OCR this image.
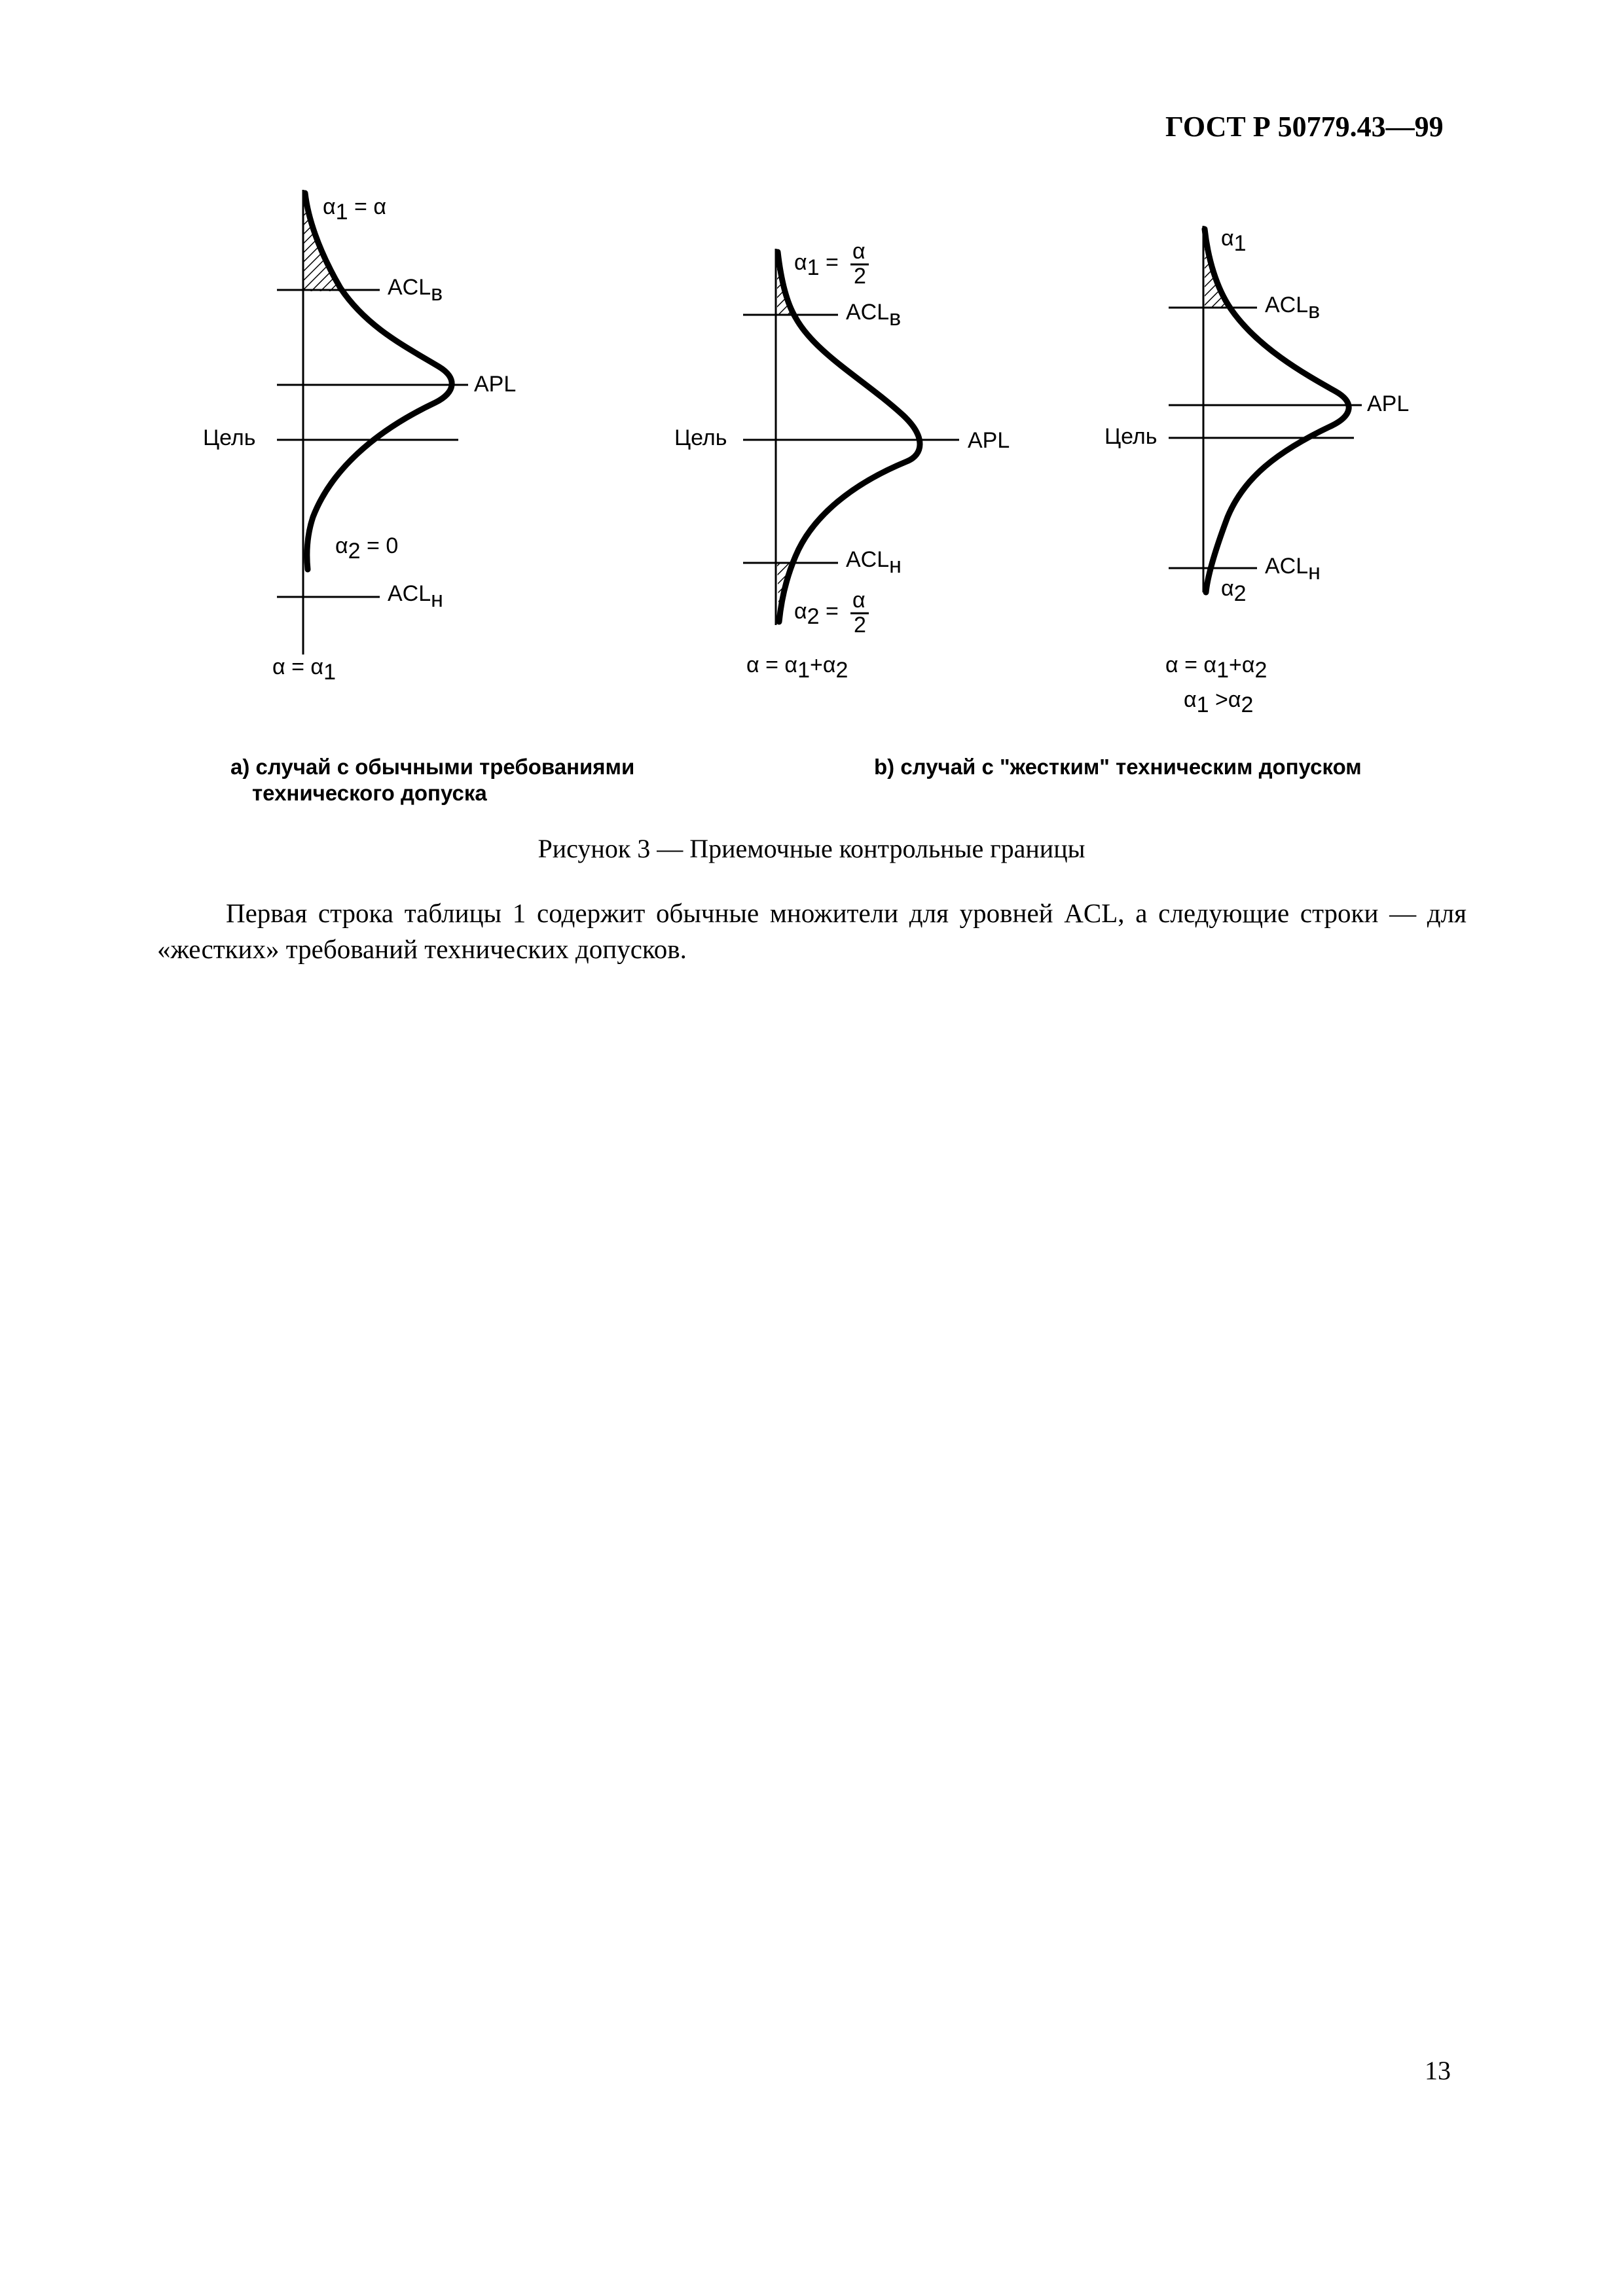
ГОСТ Р 50779.43—99
α1 = α
ACLв
APL
Цель
α2 = 0
ACLн
α = α1
α1 = α
2
ACLв
Цель	APL
ACLн
α2 = α
2
α = α1+α2
α1
ACLв
APL
Цель
ACLн
α2
α = α1+α2
α1 >α2
а) случай с обычными требованиями
технического допуска
b) случай с "жестким" техническим допуском
Рисунок 3 — Приемочные контрольные границы
Первая строка таблицы 1 содержит обычные множители для уровней ACL, а следующие строки — для «жестких» требований технических допусков.
13
